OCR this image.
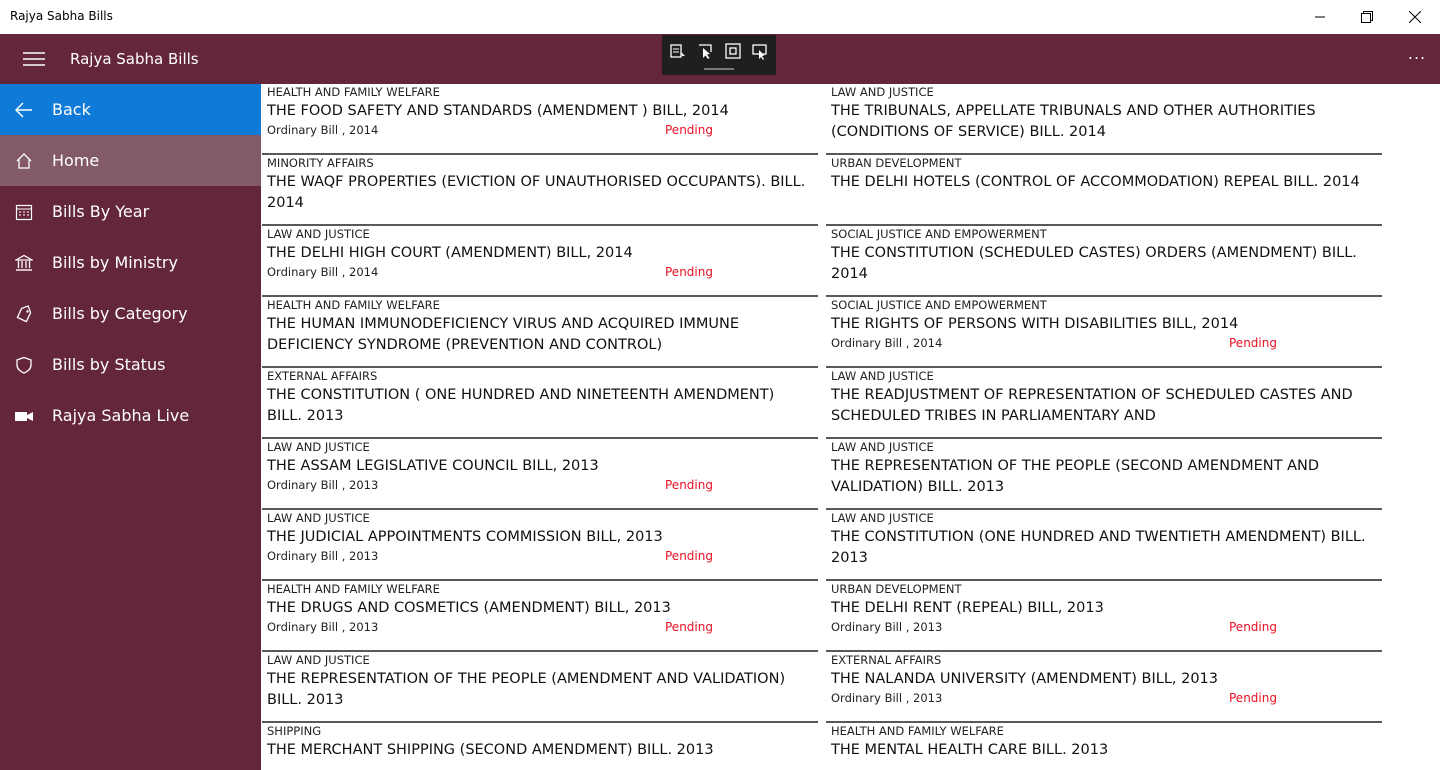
Rajya Sabha Bills
Rajya Sabha Bills	...
Back
Home
Bills By Year
Bills by Ministry
Bills by Category
Bills by Status
Rajya Sabha Live
HEALTH AND FAMILY WELFARE
THE FOOD SAFETY AND STANDARDS (AMENDMENT ) BILL, 2014
Ordinary Bill , 2014	Pending
MINORITY AFFAIRS
THE WAQF PROPERTIES (EVICTION OF UNAUTHORISED OCCUPANTS). BILL. 2014
LAW AND JUSTICE
THE DELHI HIGH COURT (AMENDMENT) BILL, 2014
Ordinary Bill , 2014	Pending
HEALTH AND FAMILY WELFARE
THE HUMAN IMMUNODEFICIENCY VIRUS AND ACQUIRED IMMUNE DEFICIENCY SYNDROME (PREVENTION AND CONTROL)
EXTERNAL AFFAIRS
THE CONSTITUTION ( ONE HUNDRED AND NINETEENTH AMENDMENT) BILL. 2013
LAW AND JUSTICE
THE ASSAM LEGISLATIVE COUNCIL BILL, 2013
Ordinary Bill , 2013	Pending
LAW AND JUSTICE
THE JUDICIAL APPOINTMENTS COMMISSION BILL, 2013
Ordinary Bill , 2013	Pending
HEALTH AND FAMILY WELFARE
THE DRUGS AND COSMETICS (AMENDMENT) BILL, 2013
Ordinary Bill , 2013	Pending
LAW AND JUSTICE
THE REPRESENTATION OF THE PEOPLE (AMENDMENT AND VALIDATION) BILL. 2013
SHIPPING
THE MERCHANT SHIPPING (SECOND AMENDMENT) BILL. 2013
LAW AND JUSTICE
THE TRIBUNALS, APPELLATE TRIBUNALS AND OTHER AUTHORITIES (CONDITIONS OF SERVICE) BILL. 2014
URBAN DEVELOPMENT
THE DELHI HOTELS (CONTROL OF ACCOMMODATION) REPEAL BILL. 2014
SOCIAL JUSTICE AND EMPOWERMENT
THE CONSTITUTION (SCHEDULED CASTES) ORDERS (AMENDMENT) BILL. 2014
SOCIAL JUSTICE AND EMPOWERMENT
THE RIGHTS OF PERSONS WITH DISABILITIES BILL, 2014
Ordinary Bill , 2014	Pending
LAW AND JUSTICE
THE READJUSTMENT OF REPRESENTATION OF SCHEDULED CASTES AND SCHEDULED TRIBES IN PARLIAMENTARY AND
LAW AND JUSTICE
THE REPRESENTATION OF THE PEOPLE (SECOND AMENDMENT AND VALIDATION) BILL. 2013
LAW AND JUSTICE
THE CONSTITUTION (ONE HUNDRED AND TWENTIETH AMENDMENT) BILL. 2013
URBAN DEVELOPMENT
THE DELHI RENT (REPEAL) BILL, 2013
Ordinary Bill , 2013	Pending
EXTERNAL AFFAIRS
THE NALANDA UNIVERSITY (AMENDMENT) BILL, 2013
Ordinary Bill , 2013	Pending
HEALTH AND FAMILY WELFARE
THE MENTAL HEALTH CARE BILL. 2013
